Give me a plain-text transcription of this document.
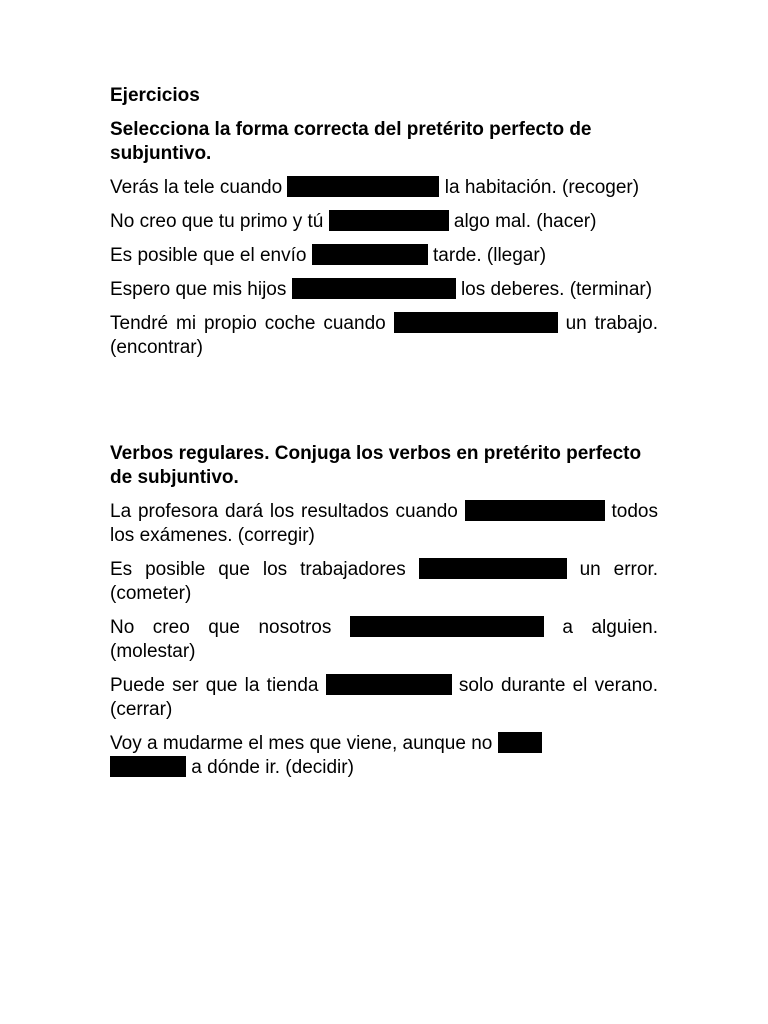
Ejercicios
Selecciona la forma correcta del pretérito perfecto de subjuntivo.
Verás la tele cuando	la habitación. (recoger)
No creo que tu primo y tú	algo mal. (hacer)
Es posible que el envío	tarde. (llegar)
Espero que mis hijos	los deberes. (terminar)
Tendré mi propio coche cuando	un trabajo. (encontrar)
Verbos regulares. Conjuga los verbos en pretérito perfecto de subjuntivo.
La profesora dará los resultados cuando	todos los exámenes. (corregir)
Es posible que los trabajadores	un error. (cometer)
No creo que nosotros	a alguien. (molestar)
Puede ser que la tienda	solo durante el verano. (cerrar)
Voy a mudarme el mes que viene, aunque no
a dónde ir. (decidir)
